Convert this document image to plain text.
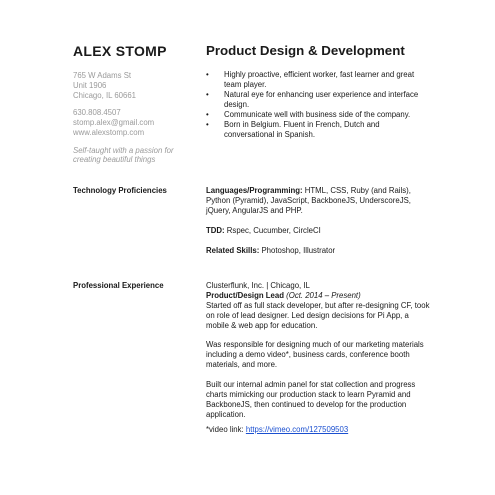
ALEX STOMP	Product Design & Development
765 W Adams St
Unit 1906
Chicago, IL 60661
630.808.4507
stomp.alex@gmail.com
www.alexstomp.com
Self-taught with a passion for creating beautiful things
• Highly proactive, efficient worker, fast learner and great team player.
• Natural eye for enhancing user experience and interface design.
• Communicate well with business side of the company.
• Born in Belgium. Fluent in French, Dutch and conversational in Spanish.
Technology Proficiencies	Languages/Programming: HTML, CSS, Ruby (and Rails), Python (Pyramid), JavaScript, BackboneJS, UnderscoreJS, jQuery, AngularJS and PHP.
TDD: Rspec, Cucumber, CircleCI
Related Skills: Photoshop, Illustrator
Professional Experience	Clusterflunk, Inc. | Chicago, IL
Product/Design Lead (Oct. 2014 – Present)
Started off as full stack developer, but after re-designing CF, took on role of lead designer. Led design decisions for Pi App, a mobile & web app for education.
Was responsible for designing much of our marketing materials including a demo video*, business cards, conference booth materials, and more.
Built our internal admin panel for stat collection and progress charts mimicking our production stack to learn Pyramid and BackboneJS, then continued to develop for the production application.
*video link: https://vimeo.com/127509503
